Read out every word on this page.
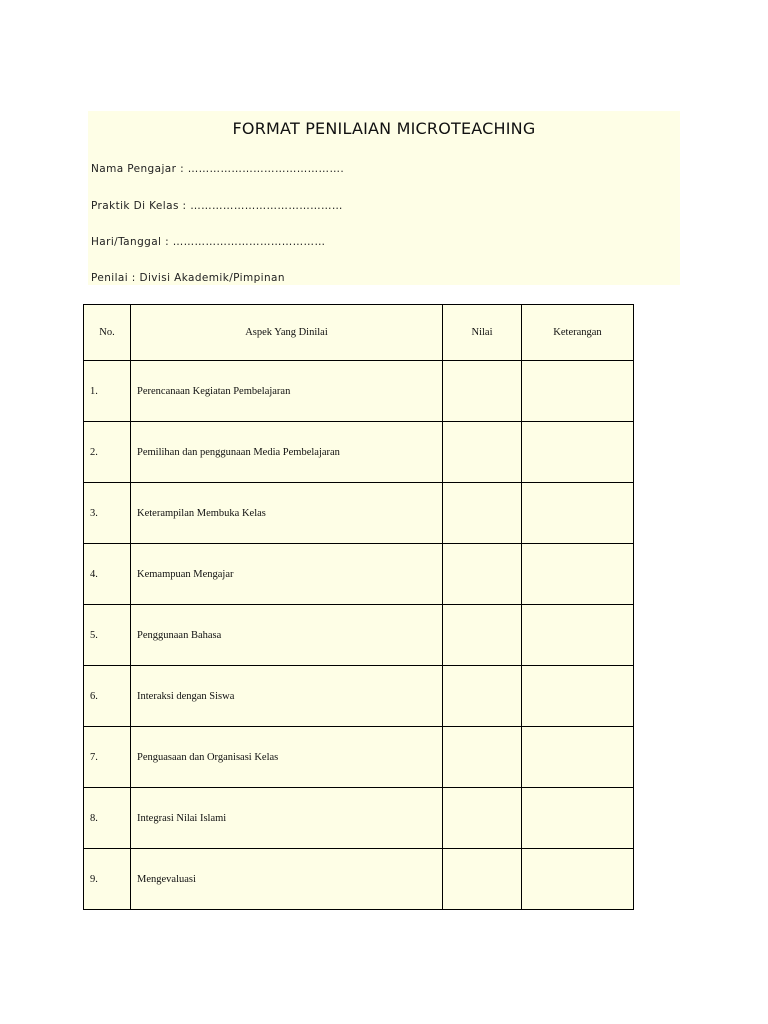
FORMAT PENILAIAN MICROTEACHING
Nama Pengajar : …………………………………….
Praktik Di Kelas : ……………………………………
Hari/Tanggal : ……………………………………
Penilai : Divisi Akademik/Pimpinan
No.	Aspek Yang Dinilai	Nilai	Keterangan
1.	Perencanaan Kegiatan Pembelajaran		
2.	Pemilihan dan penggunaan Media Pembelajaran		
3.	Keterampilan Membuka Kelas		
4.	Kemampuan Mengajar		
5.	Penggunaan Bahasa		
6.	Interaksi dengan Siswa		
7.	Penguasaan dan Organisasi Kelas		
8.	Integrasi Nilai Islami		
9.	Mengevaluasi		
